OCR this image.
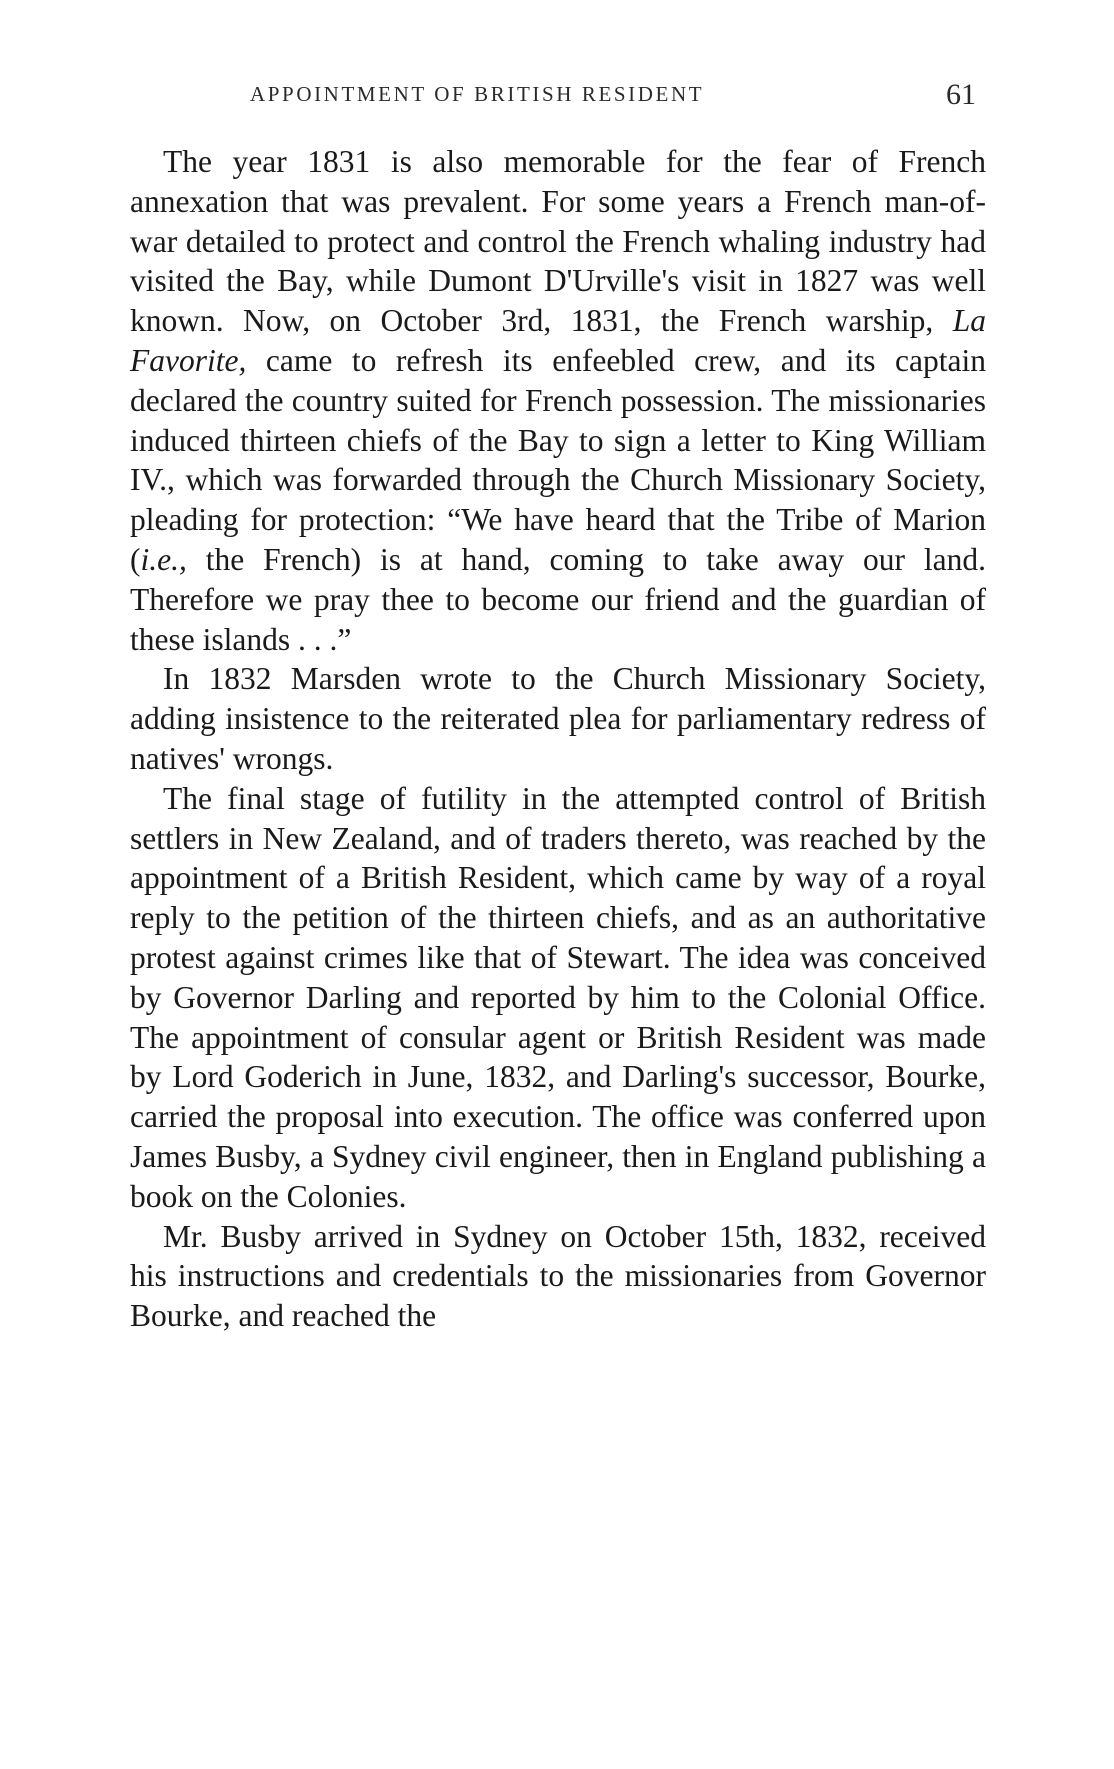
APPOINTMENT OF BRITISH RESIDENT	61

The year 1831 is also memorable for the fear of French annexation that was prevalent. For some years a French man-of-war detailed to protect and control the French whaling industry had visited the Bay, while Dumont D'Urville's visit in 1827 was well known. Now, on October 3rd, 1831, the French warship, La Favorite, came to refresh its enfeebled crew, and its captain declared the country suited for French possession. The missionaries induced thirteen chiefs of the Bay to sign a letter to King William IV., which was forwarded through the Church Missionary Society, pleading for protection: “We have heard that the Tribe of Marion (i.e., the French) is at hand, coming to take away our land. Therefore we pray thee to become our friend and the guardian of these islands . . .”

In 1832 Marsden wrote to the Church Missionary Society, adding insistence to the reiterated plea for parliamentary redress of natives' wrongs.

The final stage of futility in the attempted control of British settlers in New Zealand, and of traders thereto, was reached by the appointment of a British Resident, which came by way of a royal reply to the petition of the thirteen chiefs, and as an authoritative protest against crimes like that of Stewart. The idea was conceived by Governor Darling and reported by him to the Colonial Office. The appointment of consular agent or British Resident was made by Lord Goderich in June, 1832, and Darling's successor, Bourke, carried the proposal into execution. The office was conferred upon James Busby, a Sydney civil engineer, then in England publishing a book on the Colonies.

Mr. Busby arrived in Sydney on October 15th, 1832, received his instructions and credentials to the missionaries from Governor Bourke, and reached the
